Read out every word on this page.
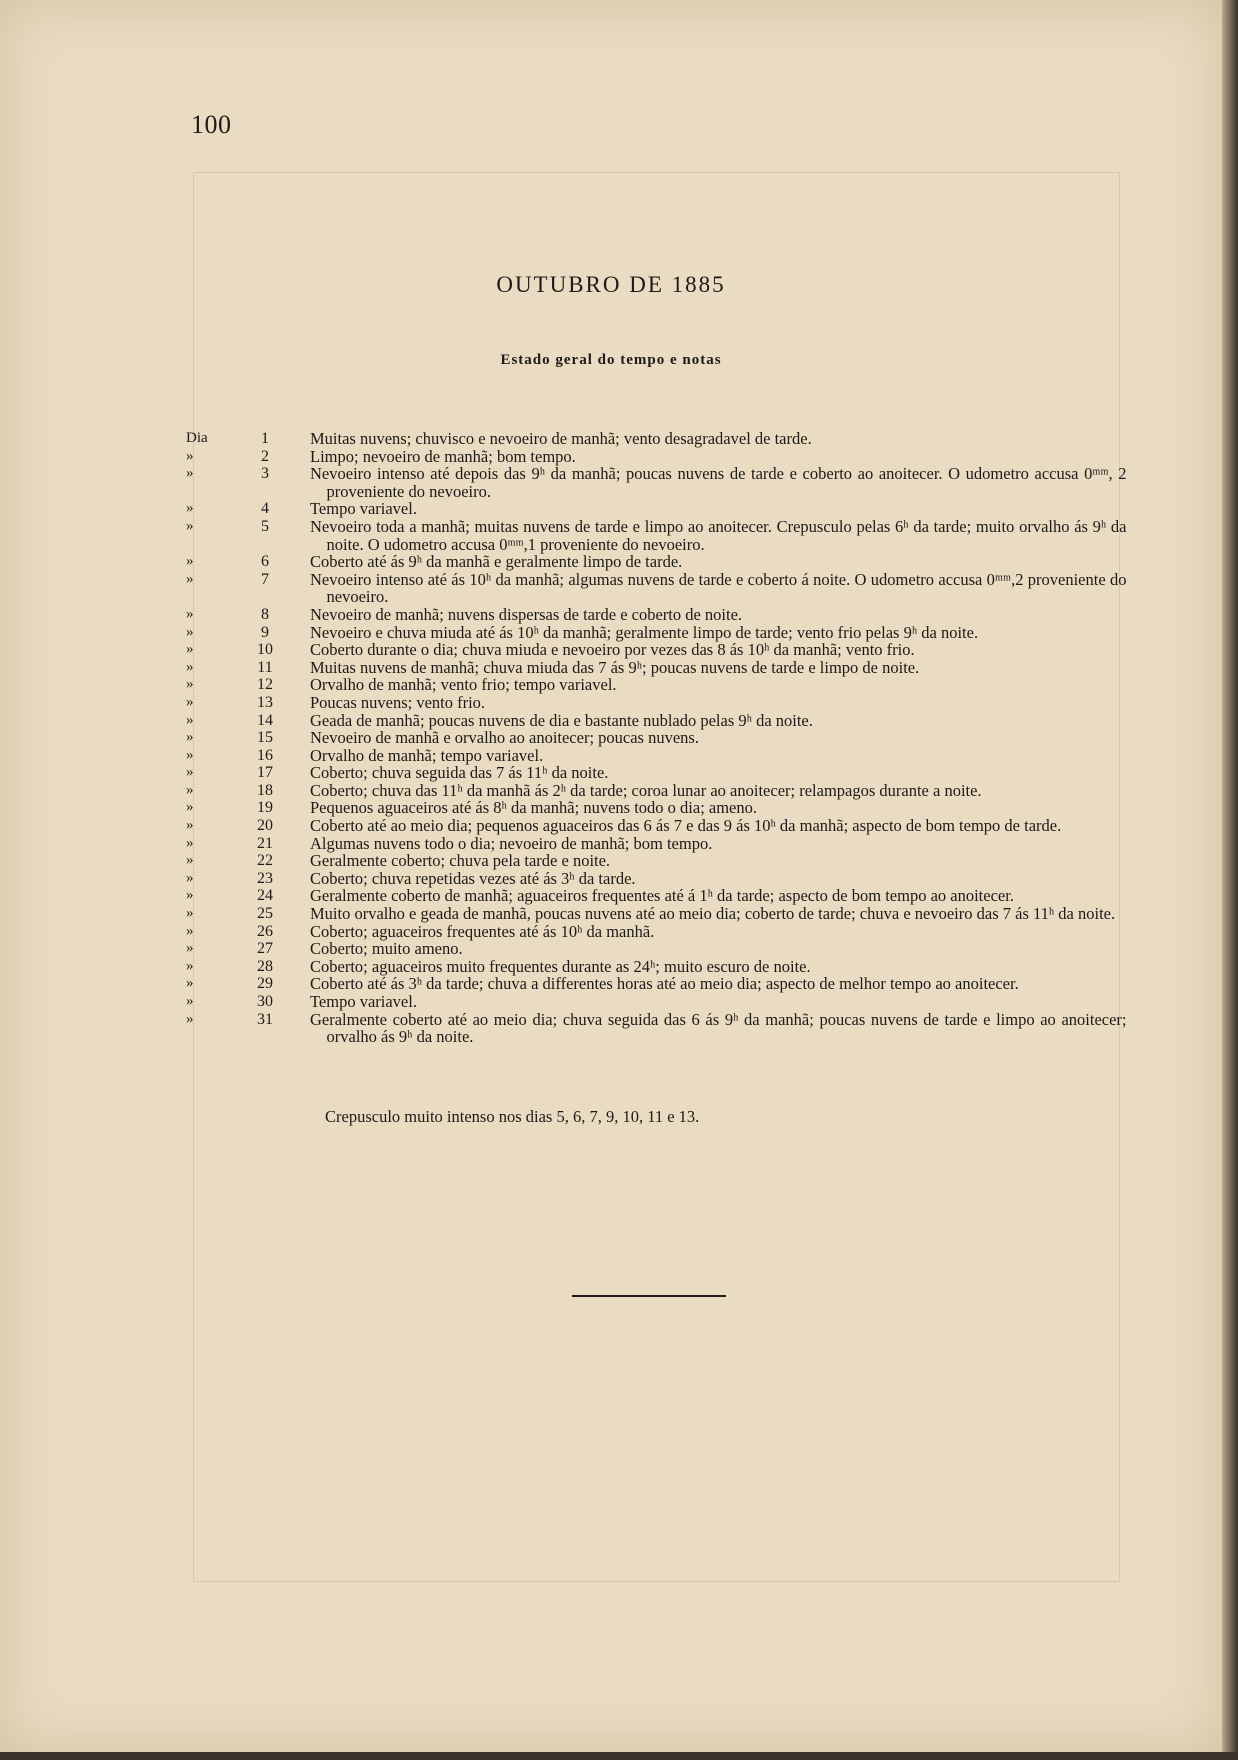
100
OUTUBRO DE 1885
Estado geral do tempo e notas
Dia	1	Muitas nuvens; chuvisco e nevoeiro de manhã; vento desagradavel de tarde.
»	2	Limpo; nevoeiro de manhã; bom tempo.
»	3	Nevoeiro intenso até depois das 9ʰ da manhã; poucas nuvens de tarde e coberto ao anoitecer. O udometro accusa 0ᵐᵐ, 2 proveniente do nevoeiro.
»	4	Tempo variavel.
»	5	Nevoeiro toda a manhã; muitas nuvens de tarde e limpo ao anoitecer. Crepusculo pelas 6ʰ da tarde; muito orvalho ás 9ʰ da noite. O udometro accusa 0ᵐᵐ,1 proveniente do nevoeiro.
»	6	Coberto até ás 9ʰ da manhã e geralmente limpo de tarde.
»	7	Nevoeiro intenso até ás 10ʰ da manhã; algumas nuvens de tarde e coberto á noite. O udometro accusa 0ᵐᵐ,2 proveniente do nevoeiro.
»	8	Nevoeiro de manhã; nuvens dispersas de tarde e coberto de noite.
»	9	Nevoeiro e chuva miuda até ás 10ʰ da manhã; geralmente limpo de tarde; vento frio pelas 9ʰ da noite.
»	10	Coberto durante o dia; chuva miuda e nevoeiro por vezes das 8 ás 10ʰ da manhã; vento frio.
»	11	Muitas nuvens de manhã; chuva miuda das 7 ás 9ʰ; poucas nuvens de tarde e limpo de noite.
»	12	Orvalho de manhã; vento frio; tempo variavel.
»	13	Poucas nuvens; vento frio.
»	14	Geada de manhã; poucas nuvens de dia e bastante nublado pelas 9ʰ da noite.
»	15	Nevoeiro de manhã e orvalho ao anoitecer; poucas nuvens.
»	16	Orvalho de manhã; tempo variavel.
»	17	Coberto; chuva seguida das 7 ás 11ʰ da noite.
»	18	Coberto; chuva das 11ʰ da manhã ás 2ʰ da tarde; coroa lunar ao anoitecer; relampagos durante a noite.
»	19	Pequenos aguaceiros até ás 8ʰ da manhã; nuvens todo o dia; ameno.
»	20	Coberto até ao meio dia; pequenos aguaceiros das 6 ás 7 e das 9 ás 10ʰ da manhã; aspecto de bom tempo de tarde.
»	21	Algumas nuvens todo o dia; nevoeiro de manhã; bom tempo.
»	22	Geralmente coberto; chuva pela tarde e noite.
»	23	Coberto; chuva repetidas vezes até ás 3ʰ da tarde.
»	24	Geralmente coberto de manhã; aguaceiros frequentes até á 1ʰ da tarde; aspecto de bom tempo ao anoitecer.
»	25	Muito orvalho e geada de manhã, poucas nuvens até ao meio dia; coberto de tarde; chuva e nevoeiro das 7 ás 11ʰ da noite.
»	26	Coberto; aguaceiros frequentes até ás 10ʰ da manhã.
»	27	Coberto; muito ameno.
»	28	Coberto; aguaceiros muito frequentes durante as 24ʰ; muito escuro de noite.
»	29	Coberto até ás 3ʰ da tarde; chuva a differentes horas até ao meio dia; aspecto de melhor tempo ao anoitecer.
»	30	Tempo variavel.
»	31	Geralmente coberto até ao meio dia; chuva seguida das 6 ás 9ʰ da manhã; poucas nuvens de tarde e limpo ao anoitecer; orvalho ás 9ʰ da noite.
Crepusculo muito intenso nos dias 5, 6, 7, 9, 10, 11 e 13.
